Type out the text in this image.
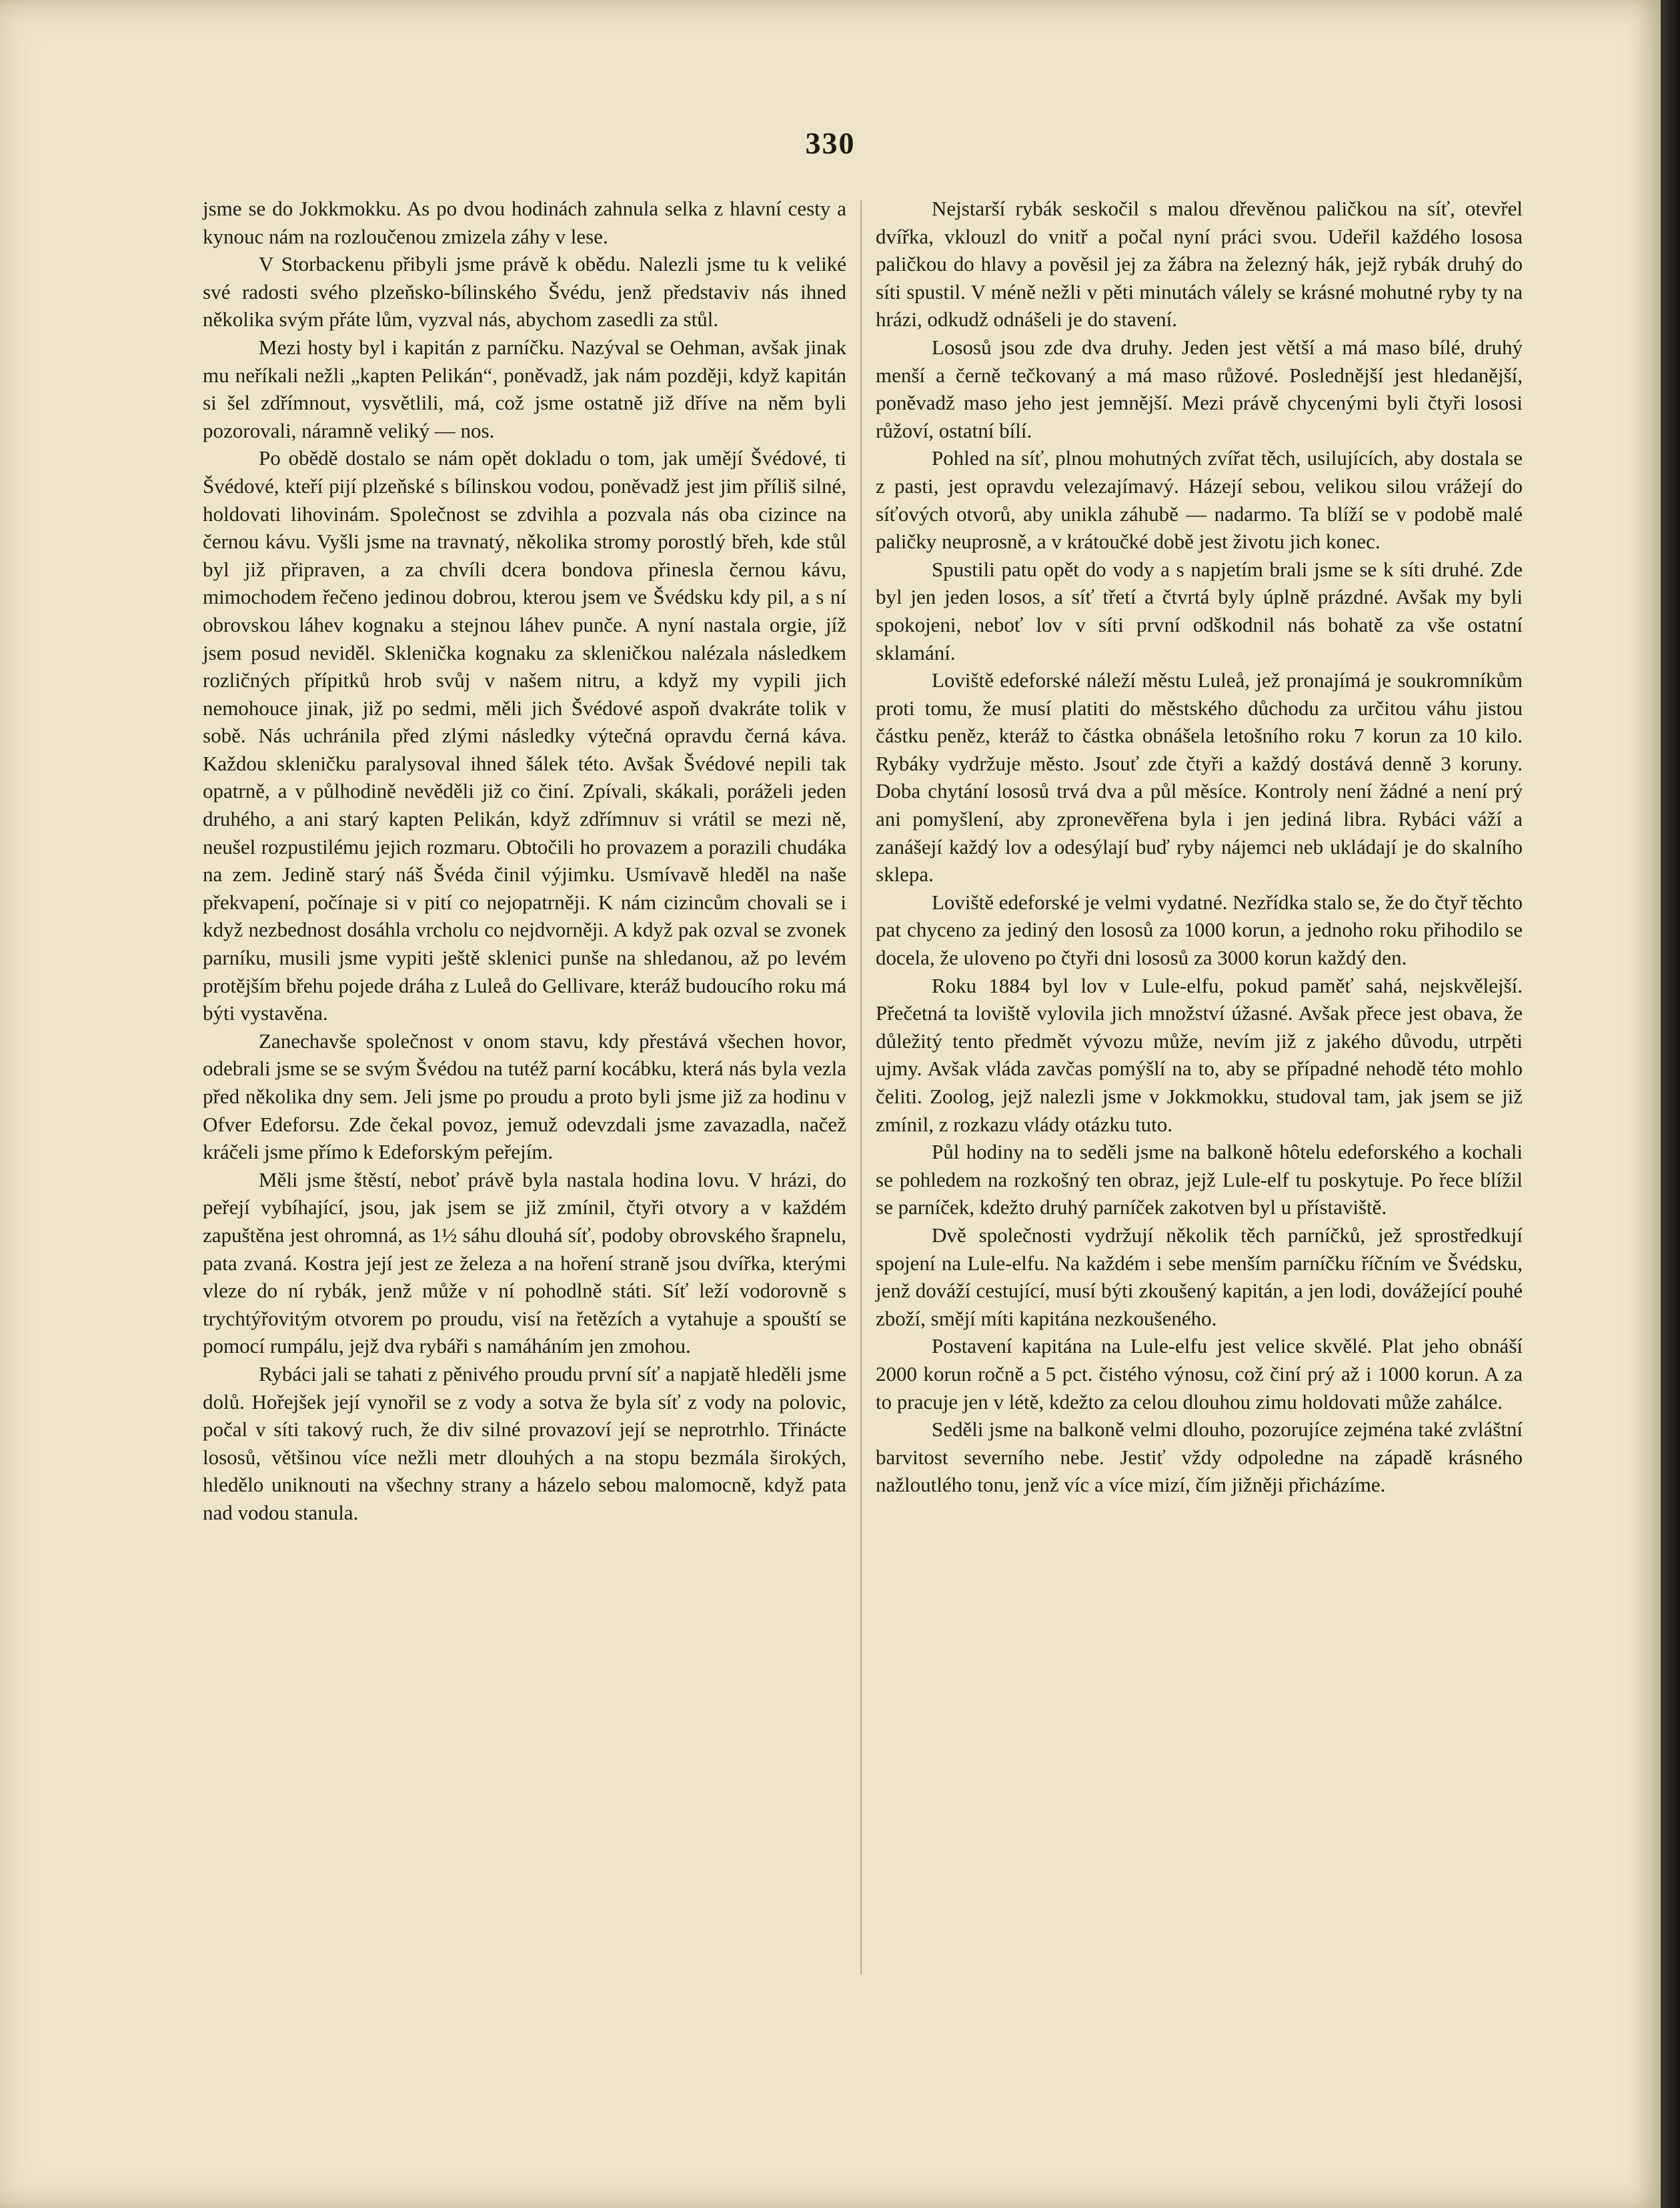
330

jsme se do Jokkmokku. As po dvou hodinách zahnula selka z hlavní cesty a kynouc nám na rozloučenou zmizela záhy v lese.

V Storbackenu přibyli jsme právě k obědu. Nalezli jsme tu k veliké své radosti svého plzeňsko-bílinského Švédu, jenž představiv nás ihned několika svým přáte lům, vyzval nás, abychom zasedli za stůl.

Mezi hosty byl i kapitán z parníčku. Nazýval se Oehman, avšak jinak mu neříkali nežli „kapten Pelikán“, poněvadž, jak nám později, když kapitán si šel zdřímnout, vysvětlili, má, což jsme ostatně již dříve na něm byli pozorovali, náramně veliký — nos.

Po obědě dostalo se nám opět dokladu o tom, jak umějí Švédové, ti Švédové, kteří pijí plzeňské s bílinskou vodou, poněvadž jest jim příliš silné, holdovati lihovinám. Společnost se zdvihla a pozvala nás oba cizince na černou kávu. Vyšli jsme na travnatý, několika stromy porostlý břeh, kde stůl byl již připraven, a za chvíli dcera bondova přinesla černou kávu, mimochodem řečeno jedinou dobrou, kterou jsem ve Švédsku kdy pil, a s ní obrovskou láhev kognaku a stejnou láhev punče. A nyní nastala orgie, jíž jsem posud neviděl. Sklenička kognaku za skleničkou nalézala následkem rozličných přípitků hrob svůj v našem nitru, a když my vypili jich nemohouce jinak, již po sedmi, měli jich Švédové aspoň dvakráte tolik v sobě. Nás uchránila před zlými následky výtečná opravdu černá káva. Každou skleničku paralysoval ihned šálek této. Avšak Švédové nepili tak opatrně, a v půlhodině nevěděli již co činí. Zpívali, skákali, poráželi jeden druhého, a ani starý kapten Pelikán, když zdřímnuv si vrátil se mezi ně, neušel rozpustilému jejich rozmaru. Obtočili ho provazem a porazili chudáka na zem. Jedině starý náš Švéda činil výjimku. Usmívavě hleděl na naše překvapení, počínaje si v pití co nejopatrněji. K nám cizincům chovali se i když nezbednost dosáhla vrcholu co nejdvorněji. A když pak ozval se zvonek parníku, musili jsme vypiti ještě sklenici punše na shledanou, až po levém protějším břehu pojede dráha z Luleå do Gellivare, kteráž budoucího roku má býti vystavěna.

Zanechavše společnost v onom stavu, kdy přestává všechen hovor, odebrali jsme se se svým Švédou na tutéž parní kocábku, která nás byla vezla před několika dny sem. Jeli jsme po proudu a proto byli jsme již za hodinu v Ofver Edeforsu. Zde čekal povoz, jemuž odevzdali jsme zavazadla, načež kráčeli jsme přímo k Edeforským peřejím.

Měli jsme štěstí, neboť právě byla nastala hodina lovu. V hrázi, do peřejí vybíhající, jsou, jak jsem se již zmínil, čtyři otvory a v každém zapuštěna jest ohromná, as 1½ sáhu dlouhá síť, podoby obrovského šrapnelu, pata zvaná. Kostra její jest ze železa a na hoření straně jsou dvířka, kterými vleze do ní rybák, jenž může v ní pohodlně státi. Síť leží vodorovně s trychtýřovitým otvorem po proudu, visí na řetězích a vytahuje a spouští se pomocí rumpálu, jejž dva rybáři s namáháním jen zmohou.

Rybáci jali se tahati z pěnivého proudu první síť a napjatě hleděli jsme dolů. Hořejšek její vynořil se z vody a sotva že byla síť z vody na polovic, počal v síti takový ruch, že div silné provazoví její se neprotrhlo. Třinácte lososů, většinou více nežli metr dlouhých a na stopu bezmála širokých, hledělo uniknouti na všechny strany a házelo sebou malomocně, když pata nad vodou stanula.

Nejstarší rybák seskočil s malou dřevěnou paličkou na síť, otevřel dvířka, vklouzl do vnitř a počal nyní práci svou. Udeřil každého lososa paličkou do hlavy a pověsil jej za žábra na železný hák, jejž rybák druhý do síti spustil. V méně nežli v pěti minutách válely se krásné mohutné ryby ty na hrázi, odkudž odnášeli je do stavení.

Lososů jsou zde dva druhy. Jeden jest větší a má maso bílé, druhý menší a černě tečkovaný a má maso růžové. Poslednější jest hledanější, poněvadž maso jeho jest jemnější. Mezi právě chycenými byli čtyři lososi růžoví, ostatní bílí.

Pohled na síť, plnou mohutných zvířat těch, usilujících, aby dostala se z pasti, jest opravdu velezajímavý. Házejí sebou, velikou silou vrážejí do síťových otvorů, aby unikla záhubě — nadarmo. Ta blíží se v podobě malé paličky neuprosně, a v krátoučké době jest životu jich konec.

Spustili patu opět do vody a s napjetím brali jsme se k síti druhé. Zde byl jen jeden losos, a síť třetí a čtvrtá byly úplně prázdné. Avšak my byli spokojeni, neboť lov v síti první odškodnil nás bohatě za vše ostatní sklamání.

Loviště edeforské náleží městu Luleå, jež pronajímá je soukromníkům proti tomu, že musí platiti do městského důchodu za určitou váhu jistou částku peněz, kteráž to částka obnášela letošního roku 7 korun za 10 kilo. Rybáky vydržuje město. Jsouť zde čtyři a každý dostává denně 3 koruny. Doba chytání lososů trvá dva a půl měsíce. Kontroly není žádné a není prý ani pomyšlení, aby zpronevěřena byla i jen jediná libra. Rybáci váží a zanášejí každý lov a odesýlají buď ryby nájemci neb ukládají je do skalního sklepa.

Loviště edeforské je velmi vydatné. Nezřídka stalo se, že do čtyř těchto pat chyceno za jediný den lososů za 1000 korun, a jednoho roku přihodilo se docela, že uloveno po čtyři dni lososů za 3000 korun každý den.

Roku 1884 byl lov v Lule-elfu, pokud paměť sahá, nejskvělejší. Přečetná ta loviště vylovila jich množství úžasné. Avšak přece jest obava, že důležitý tento předmět vývozu může, nevím již z jakého důvodu, utrpěti ujmy. Avšak vláda zavčas pomýšlí na to, aby se případné nehodě této mohlo čeliti. Zoolog, jejž nalezli jsme v Jokkmokku, studoval tam, jak jsem se již zmínil, z rozkazu vlády otázku tuto.

Půl hodiny na to seděli jsme na balkoně hôtelu edeforského a kochali se pohledem na rozkošný ten obraz, jejž Lule-elf tu poskytuje. Po řece blížil se parníček, kdežto druhý parníček zakotven byl u přístaviště.

Dvě společnosti vydržují několik těch parníčků, jež sprostředkují spojení na Lule-elfu. Na každém i sebe menším parníčku říčním ve Švédsku, jenž dováží cestující, musí býti zkoušený kapitán, a jen lodi, dovážející pouhé zboží, smějí míti kapitána nezkoušeného.

Postavení kapitána na Lule-elfu jest velice skvělé. Plat jeho obnáší 2000 korun ročně a 5 pct. čistého výnosu, což činí prý až i 1000 korun. A za to pracuje jen v létě, kdežto za celou dlouhou zimu holdovati může zahálce.

Seděli jsme na balkoně velmi dlouho, pozorujíce zejména také zvláštní barvitost severního nebe. Jestiť vždy odpoledne na západě krásného nažloutlého tonu, jenž víc a více mizí, čím jižněji přicházíme.
